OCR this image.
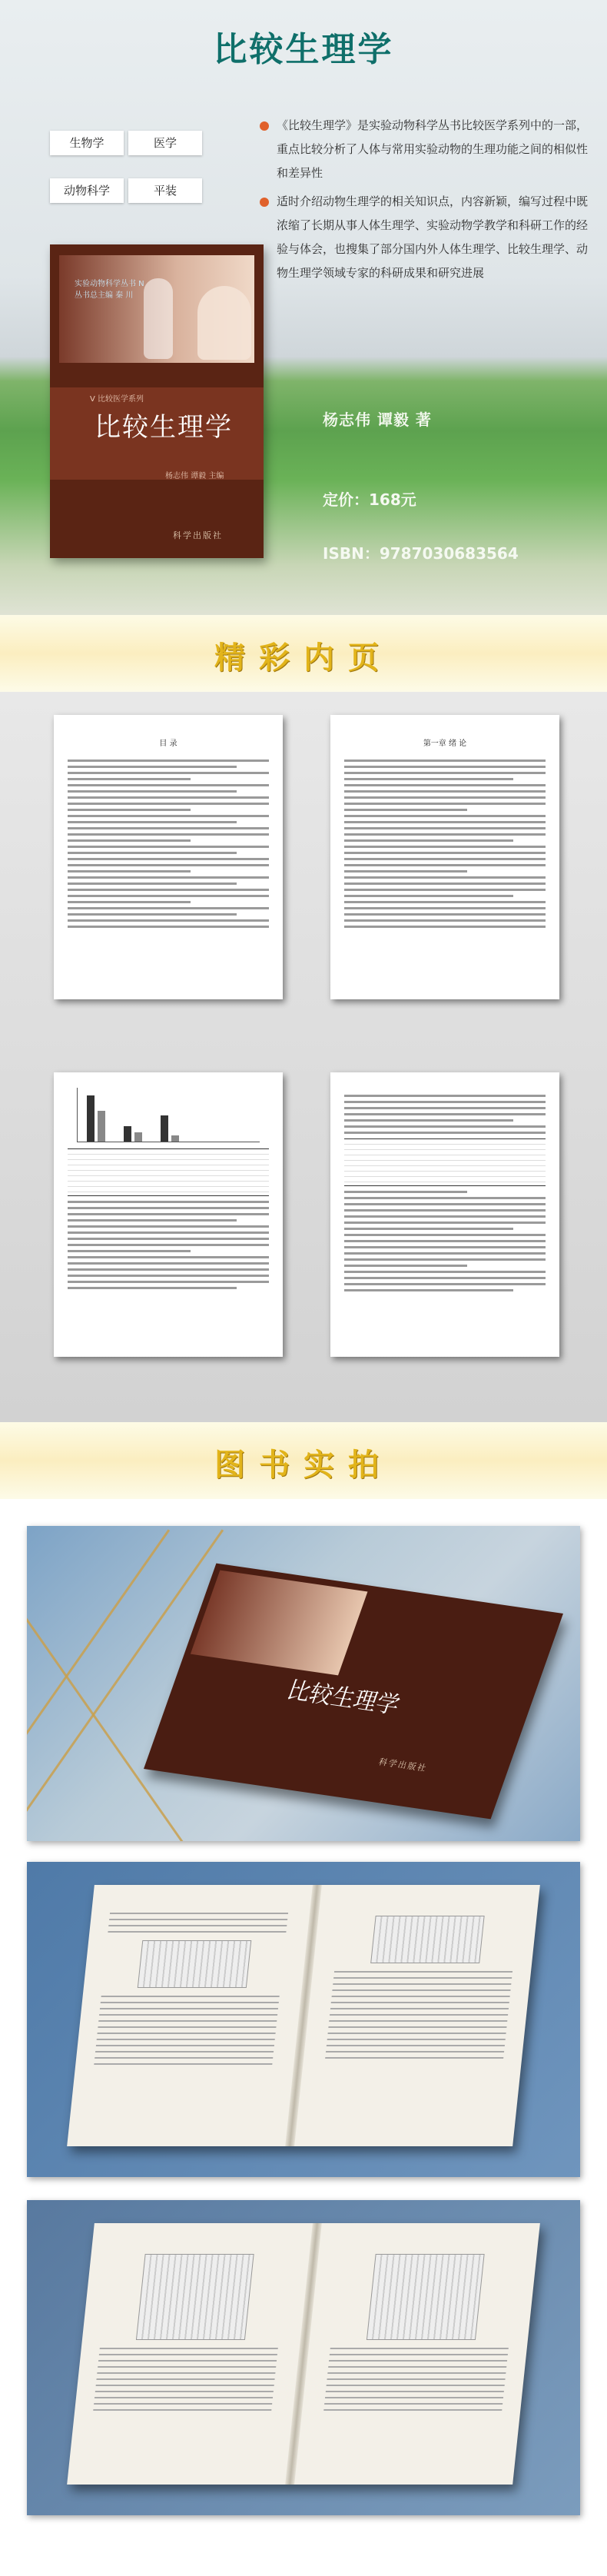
比较生理学
生物学	医学
动物科学	平装
实验动物科学丛书 N
丛书总主编 秦 川
Ⅴ 比较医学系列
比较生理学
杨志伟 谭毅 主编
科学出版社
《比较生理学》是实验动物科学丛书比较医学系列中的一部，重点比较分析了人体与常用实验动物的生理功能之间的相似性和差异性
适时介绍动物生理学的相关知识点，内容新颖，编写过程中既浓缩了长期从事人体生理学、实验动物学教学和科研工作的经验与体会，也搜集了部分国内外人体生理学、比较生理学、动物生理学领域专家的科研成果和研究进展
杨志伟 谭毅 著
定价：168元
ISBN：9787030683564
精彩内页
目 录	第一章 绪 论
图书实拍
比较生理学
科学出版社
